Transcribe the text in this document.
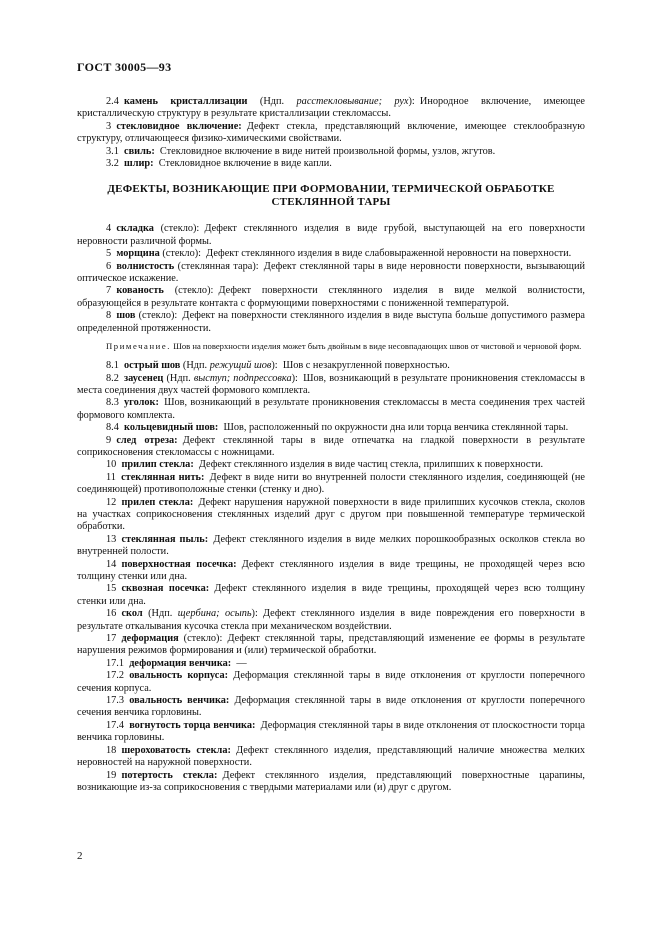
ГОСТ 30005—93

2.4  камень кристаллизации (Ндп. расстекловывание; рух):  Инородное включение, имеющее кристаллическую структуру в результате кристаллизации стекломассы.

3  стекловидное включение:  Дефект стекла, представляющий включение, имеющее стеклообразную структуру, отличающееся физико-химическими свойствами.

3.1  свиль:  Стекловидное включение в виде нитей произвольной формы, узлов, жгутов.

3.2  шлир:  Стекловидное включение в виде капли.

ДЕФЕКТЫ, ВОЗНИКАЮЩИЕ ПРИ ФОРМОВАНИИ, ТЕРМИЧЕСКОЙ ОБРАБОТКЕ СТЕКЛЯННОЙ ТАРЫ

4  складка (стекло):  Дефект стеклянного изделия в виде грубой, выступающей на его поверхности неровности различной формы.

5  морщина (стекло):  Дефект стеклянного изделия в виде слабовыраженной неровности на поверхности.

6  волнистость (стеклянная тара):  Дефект стеклянной тары в виде неровности поверхности, вызывающий оптическое искажение.

7  кованость (стекло):  Дефект поверхности стеклянного изделия в виде мелкой волнистости, образующейся в результате контакта с формующими поверхностями с пониженной температурой.

8  шов (стекло):  Дефект на поверхности стеклянного изделия в виде выступа больше допустимого размера определенной протяженности.

Примечание. Шов на поверхности изделия может быть двойным в виде несовпадающих швов от чистовой и черновой форм.

8.1  острый шов (Ндп. режущий шов):  Шов с незакругленной поверхностью.

8.2  заусенец (Ндп. выступ; подпрессовка):  Шов, возникающий в результате проникновения стекломассы в места соединения двух частей формового комплекта.

8.3  уголок:  Шов, возникающий в результате проникновения стекломассы в места соединения трех частей формового комплекта.

8.4  кольцевидный шов:  Шов, расположенный по окружности дна или торца венчика стеклянной тары.

9  след отреза:  Дефект стеклянной тары в виде отпечатка на гладкой поверхности в результате соприкосновения стекломассы с ножницами.

10  прилип стекла:  Дефект стеклянного изделия в виде частиц стекла, прилипших к поверхности.

11  стеклянная нить:  Дефект в виде нити во внутренней полости стеклянного изделия, соединяющей (не соединяющей) противоположные стенки (стенку и дно).

12  прилеп стекла:  Дефект нарушения наружной поверхности в виде прилипших кусочков стекла, сколов на участках соприкосновения стеклянных изделий друг с другом при повышенной температуре термической обработки.

13  стеклянная пыль:  Дефект стеклянного изделия в виде мелких порошкообразных осколков стекла во внутренней полости.

14  поверхностная посечка:  Дефект стеклянного изделия в виде трещины, не проходящей через всю толщину стенки или дна.

15  сквозная посечка:  Дефект стеклянного изделия в виде трещины, проходящей через всю толщину стенки или дна.

16  скол (Ндп. щербина; осыпь):  Дефект стеклянного изделия в виде повреждения его поверхности в результате откалывания кусочка стекла при механическом воздействии.

17  деформация (стекло):  Дефект стеклянной тары, представляющий изменение ее формы в результате нарушения режимов формирования и (или) термической обработки.

17.1  деформация венчика:  —

17.2  овальность корпуса:  Деформация стеклянной тары в виде отклонения от круглости поперечного сечения корпуса.

17.3  овальность венчика:  Деформация стеклянной тары в виде отклонения от круглости поперечного сечения венчика горловины.

17.4  вогнутость торца венчика:  Деформация стеклянной тары в виде отклонения от плоскостности торца венчика горловины.

18  шероховатость стекла:  Дефект стеклянного изделия, представляющий наличие множества мелких неровностей на наружной поверхности.

19  потертость стекла:  Дефект стеклянного изделия, представляющий поверхностные царапины, возникающие из-за соприкосновения с твердыми материалами или (и) друг с другом.

2
